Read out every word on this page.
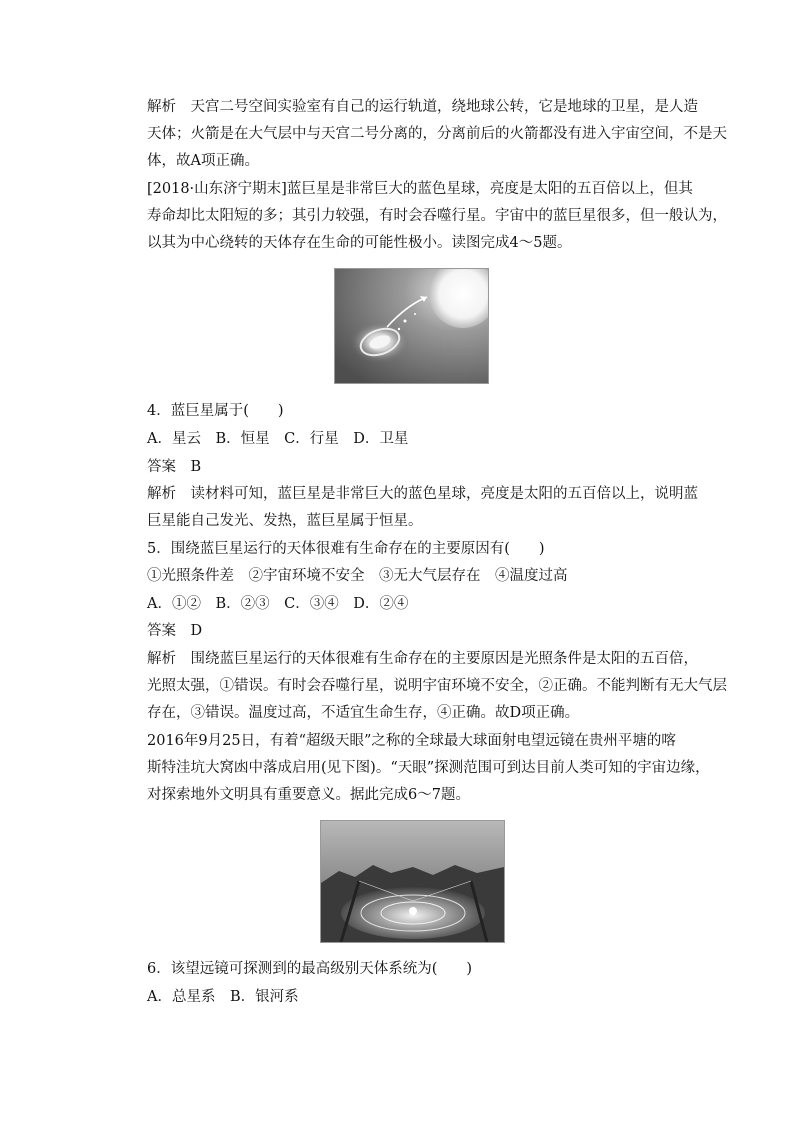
解析　天宫二号空间实验室有自己的运行轨道，绕地球公转，它是地球的卫星，是人造
天体；火箭是在大气层中与天宫二号分离的，分离前后的火箭都没有进入宇宙空间，不是天
体，故A项正确。
[2018·山东济宁期末]蓝巨星是非常巨大的蓝色星球，亮度是太阳的五百倍以上，但其
寿命却比太阳短的多；其引力较强，有时会吞噬行星。宇宙中的蓝巨星很多，但一般认为，
以其为中心绕转的天体存在生命的可能性极小。读图完成4～5题。
4．蓝巨星属于(　　)
A．星云　B．恒星　C．行星　D．卫星
答案　B
解析　读材料可知，蓝巨星是非常巨大的蓝色星球，亮度是太阳的五百倍以上，说明蓝
巨星能自己发光、发热，蓝巨星属于恒星。
5．围绕蓝巨星运行的天体很难有生命存在的主要原因有(　　)
①光照条件差　②宇宙环境不安全　③无大气层存在　④温度过高
A．①②　B．②③　C．③④　D．②④
答案　D
解析　围绕蓝巨星运行的天体很难有生命存在的主要原因是光照条件是太阳的五百倍，
光照太强，①错误。有时会吞噬行星，说明宇宙环境不安全，②正确。不能判断有无大气层
存在，③错误。温度过高，不适宜生命生存，④正确。故D项正确。
2016年9月25日，有着“超级天眼”之称的全球最大球面射电望远镜在贵州平塘的喀
斯特洼坑大窝凼中落成启用(见下图)。“天眼”探测范围可到达目前人类可知的宇宙边缘，
对探索地外文明具有重要意义。据此完成6～7题。
6．该望远镜可探测到的最高级别天体系统为(　　)
A．总星系　B．银河系
